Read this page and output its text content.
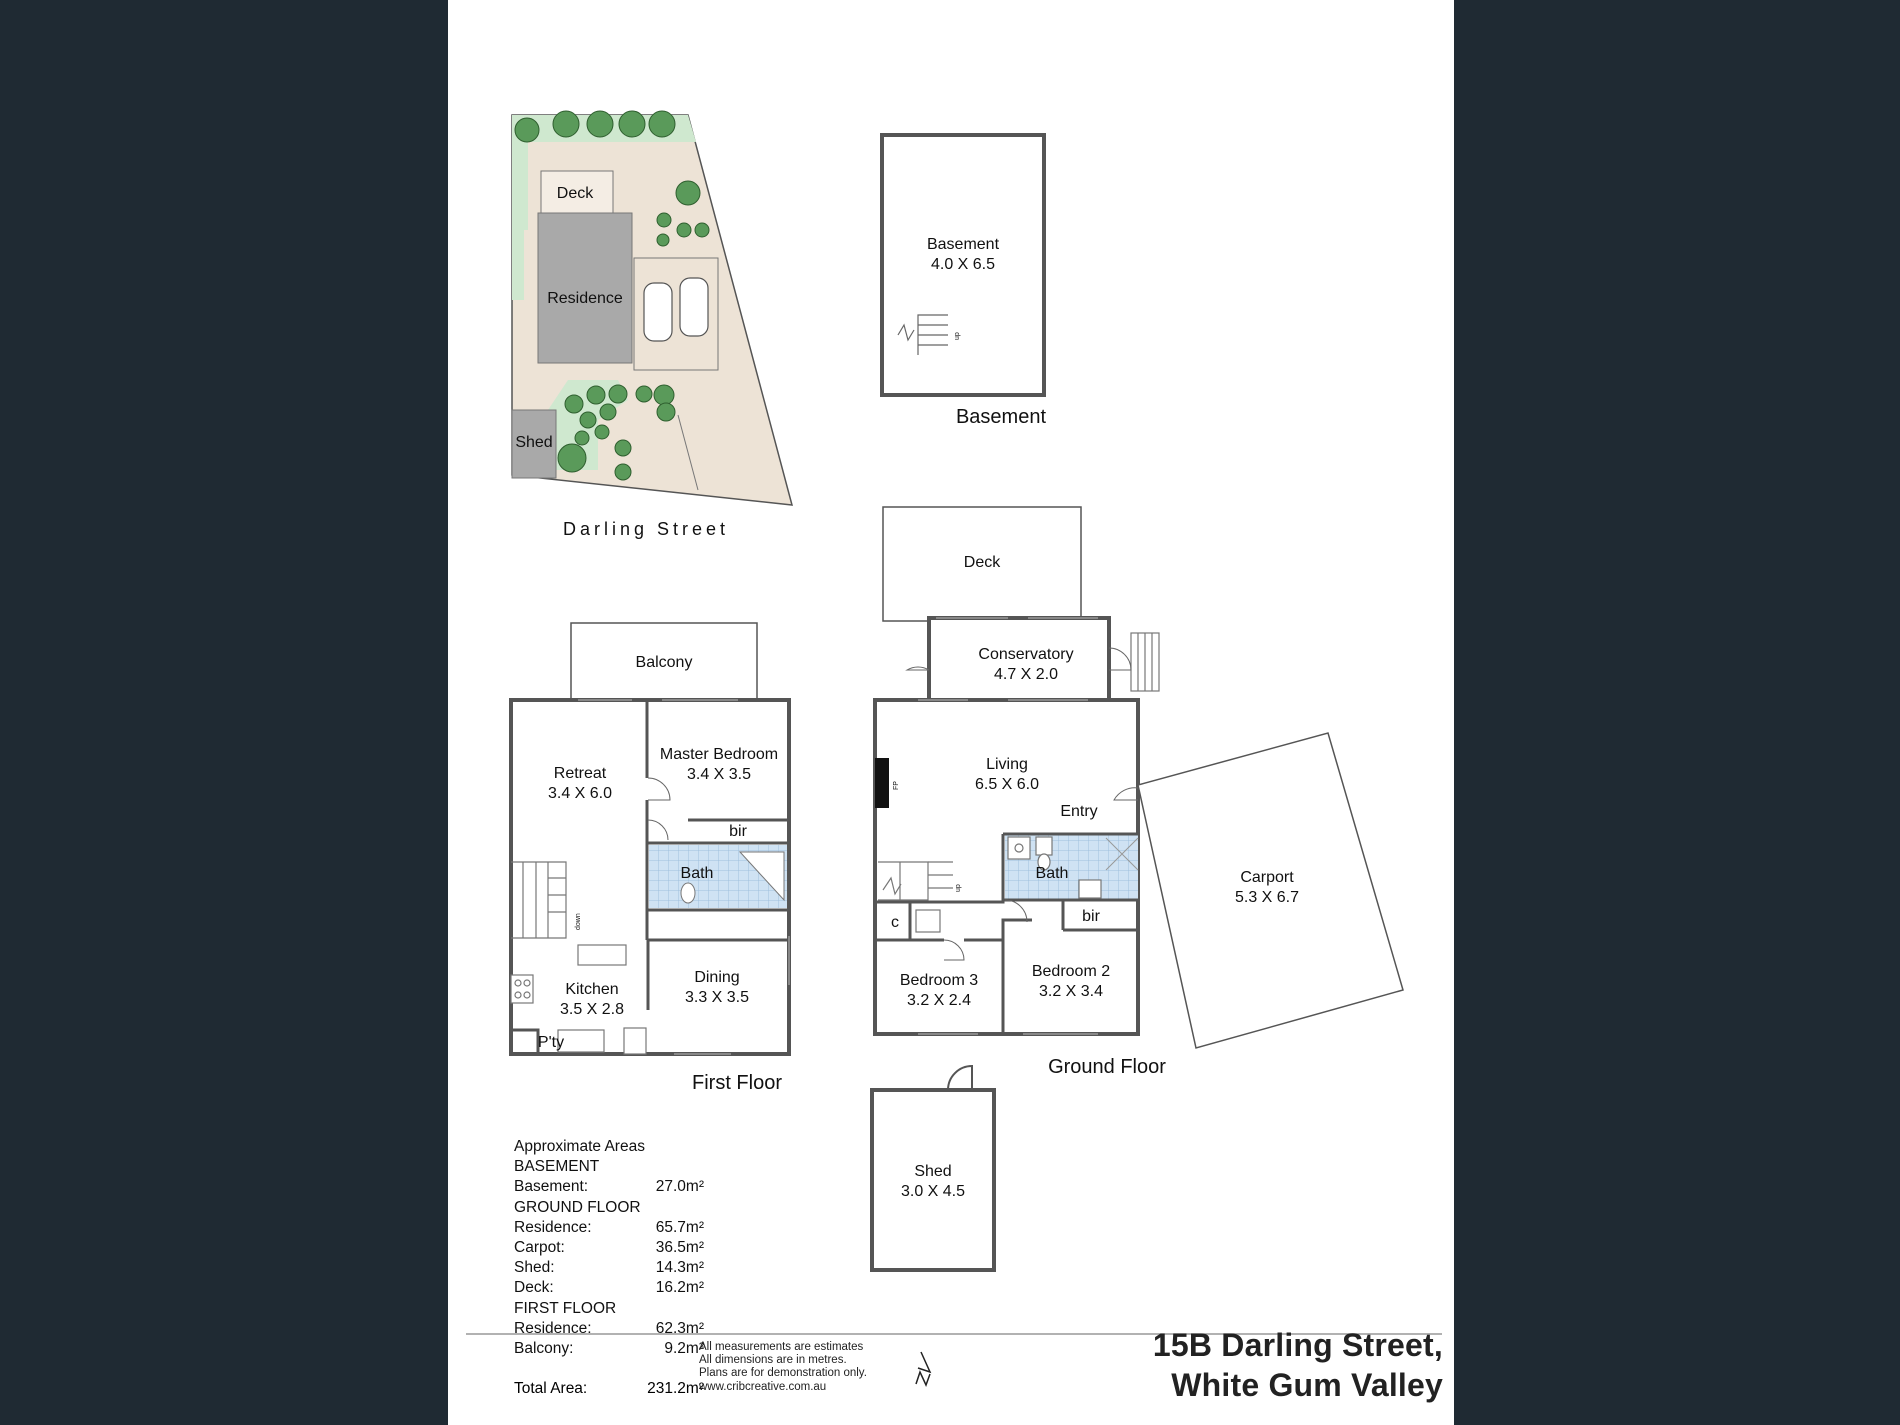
Deck
Residence
Shed
Darling Street
up
Basement
4.0 X 6.5
Basement
down
Balcony
Retreat
3.4 X 6.0
Master Bedroom
3.4 X 3.5
bir
Bath
Kitchen
3.5 X 2.8
Dining
3.3 X 3.5
P'ty
First Floor
FP
up
Deck
Conservatory
4.7 X 2.0
Living
6.5 X 6.0
Entry
Bath
bir
c
Bedroom 3
3.2 X 2.4
Bedroom 2
3.2 X 3.4
Carport
5.3 X 6.7
Shed
3.0 X 4.5
Ground Floor
Approximate Areas
BASEMENT
Basement:	27.0m²
GROUND FLOOR
Residence:	65.7m²
Carpot:	36.5m²
Shed:	14.3m²
Deck:	16.2m²
FIRST FLOOR
Residence:	62.3m²
Balcony:	9.2m²
Total Area:	231.2m²
All measurements are estimates
All dimensions are in metres.
Plans are for demonstration only.
www.cribcreative.com.au
15B Darling Street,
White Gum Valley
